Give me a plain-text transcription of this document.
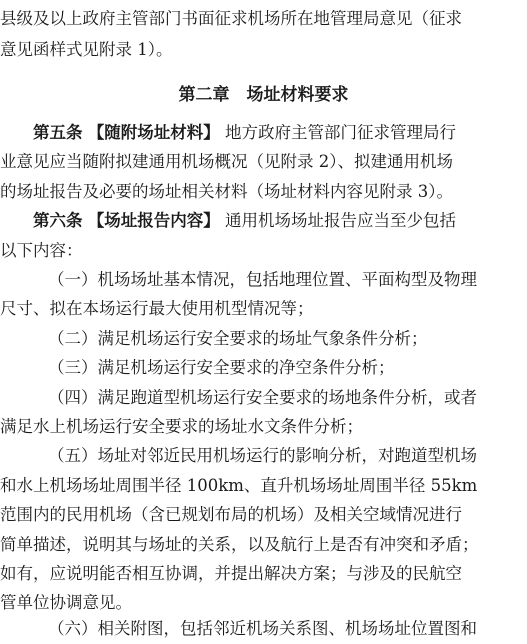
县级及以上政府主管部门书面征求机场所在地管理局意见（征求
意见函样式见附录 1）。
第二章　场址材料要求
第五条 【随附场址材料】 地方政府主管部门征求管理局行
业意见应当随附拟建通用机场概况（见附录 2）、拟建通用机场
的场址报告及必要的场址相关材料（场址材料内容见附录 3）。
第六条 【场址报告内容】 通用机场场址报告应当至少包括
以下内容：
（一）机场场址基本情况，包括地理位置、平面构型及物理
尺寸、拟在本场运行最大使用机型情况等；
（二）满足机场运行安全要求的场址气象条件分析；
（三）满足机场运行安全要求的净空条件分析；
（四）满足跑道型机场运行安全要求的场地条件分析，或者
满足水上机场运行安全要求的场址水文条件分析；
（五）场址对邻近民用机场运行的影响分析，对跑道型机场
和水上机场场址周围半径 100km、直升机场场址周围半径 55km
范围内的民用机场（含已规划布局的机场）及相关空域情况进行
简单描述，说明其与场址的关系，以及航行上是否有冲突和矛盾；
如有，应说明能否相互协调，并提出解决方案；与涉及的民航空
管单位协调意见。
（六）相关附图，包括邻近机场关系图、机场场址位置图和
